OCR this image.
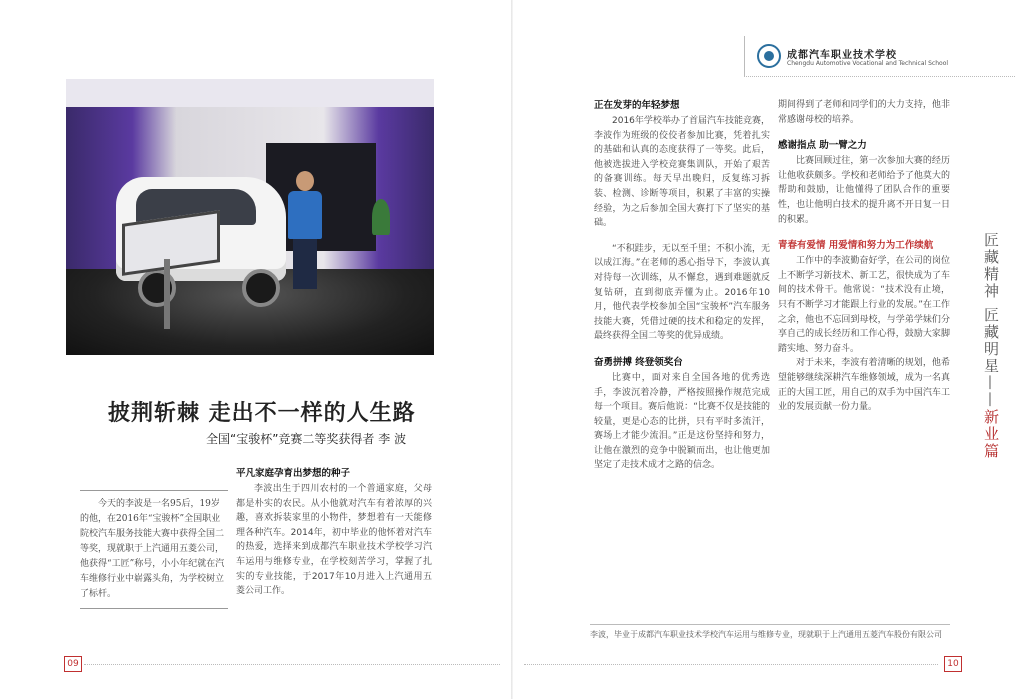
披荆斩棘 走出不一样的人生路
全国“宝骏杯”竞赛二等奖获得者 李 波

今天的李波是一名95后，19岁的他，在2016年“宝骏杯”全国职业院校汽车服务技能大赛中获得全国二等奖，现就职于上汽通用五菱公司，他获得“工匠”称号，小小年纪就在汽车维修行业中崭露头角，为学校树立了标杆。

平凡家庭孕育出梦想的种子

李波出生于四川农村的一个普通家庭，父母都是朴实的农民。从小他就对汽车有着浓厚的兴趣，喜欢拆装家里的小物件，梦想着有一天能修理各种汽车。2014年，初中毕业的他怀着对汽车的热爱，选择来到成都汽车职业技术学校学习汽车运用与维修专业，在学校刻苦学习，掌握了扎实的专业技能，于2017年10月进入上汽通用五菱公司工作。

09
成都汽车职业技术学校
Chengdu Automotive Vocational and Technical School
正在发芽的年轻梦想

2016年学校举办了首届汽车技能竞赛，李波作为班级的佼佼者参加比赛，凭着扎实的基础和认真的态度获得了一等奖。此后，他被选拔进入学校竞赛集训队，开始了艰苦的备赛训练。每天早出晚归，反复练习拆装、检测、诊断等项目，积累了丰富的实操经验，为之后参加全国大赛打下了坚实的基础。

“不积跬步，无以至千里；不积小流，无以成江海。”在老师的悉心指导下，李波认真对待每一次训练，从不懈怠，遇到难题就反复钻研，直到彻底弄懂为止。2016年10月，他代表学校参加全国“宝骏杯”汽车服务技能大赛，凭借过硬的技术和稳定的发挥，最终获得全国二等奖的优异成绩。

奋勇拼搏 终登领奖台

比赛中，面对来自全国各地的优秀选手，李波沉着冷静，严格按照操作规范完成每一个项目。赛后他说：“比赛不仅是技能的较量，更是心态的比拼，只有平时多流汗，赛场上才能少流泪。”正是这份坚持和努力，让他在激烈的竞争中脱颖而出，也让他更加坚定了走技术成才之路的信念。

期间得到了老师和同学们的大力支持，他非常感谢母校的培养。

感谢指点 助一臂之力

比赛回顾过往，第一次参加大赛的经历让他收获颇多。学校和老师给予了他莫大的帮助和鼓励，让他懂得了团队合作的重要性，也让他明白技术的提升离不开日复一日的积累。

青春有爱情 用爱情和努力为工作续航

工作中的李波勤奋好学，在公司的岗位上不断学习新技术、新工艺，很快成为了车间的技术骨干。他常说：“技术没有止境，只有不断学习才能跟上行业的发展。”在工作之余，他也不忘回到母校，与学弟学妹们分享自己的成长经历和工作心得，鼓励大家脚踏实地、努力奋斗。

对于未来，李波有着清晰的规划，他希望能够继续深耕汽车维修领域，成为一名真正的大国工匠，用自己的双手为中国汽车工业的发展贡献一份力量。	匠藏精神 匠藏明星——新业篇
李波，毕业于成都汽车职业技术学校汽车运用与维修专业，现就职于上汽通用五菱汽车股份有限公司
10
